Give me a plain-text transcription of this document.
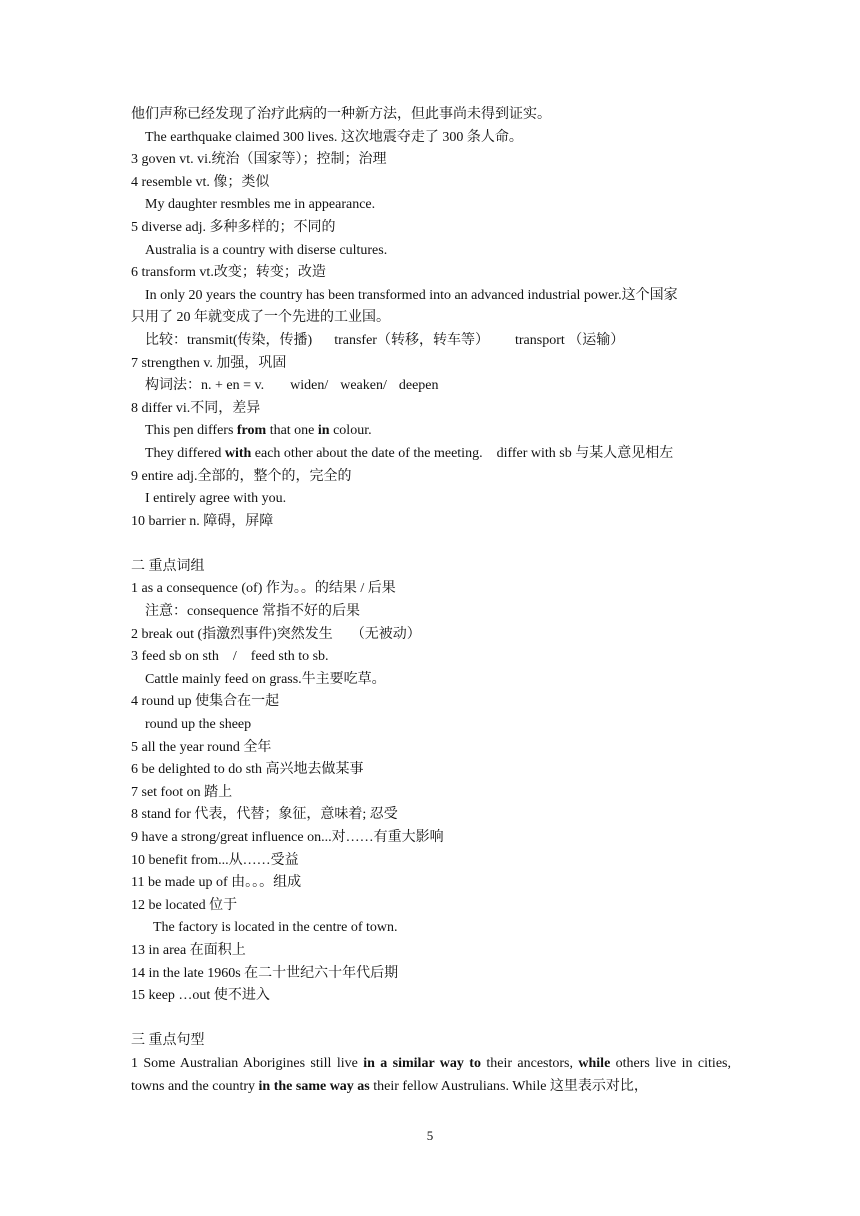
他们声称已经发现了治疗此病的一种新方法，但此事尚未得到证实。
The earthquake claimed 300 lives. 这次地震夺走了 300 条人命。
3 goven vt. vi.统治（国家等）；控制；治理
4 resemble vt. 像；类似
My daughter resmbles me in appearance.
5 diverse adj. 多种多样的；不同的
Australia is a country with diserse cultures.
6 transform vt.改变；转变；改造
In only 20 years the country has been transformed into an advanced industrial power.这个国家
只用了 20 年就变成了一个先进的工业国。
比较：transmit(传染，传播) transfer（转移，转车等） transport （运输）
7 strengthen v. 加强，巩固
构词法：n. + en = v. widen/ weaken/ deepen
8 differ vi.不同，差异
This pen differs from that one in colour.
They differed with each other about the date of the meeting. differ with sb 与某人意见相左
9 entire adj.全部的，整个的，完全的
I entirely agree with you.
10 barrier n. 障碍，屏障
二 重点词组
1 as a consequence (of) 作为。。的结果 / 后果
注意：consequence 常指不好的后果
2 break out (指激烈事件)突然发生 （无被动）
3 feed sb on sth / feed sth to sb.
Cattle mainly feed on grass.牛主要吃草。
4 round up 使集合在一起
round up the sheep
5 all the year round 全年
6 be delighted to do sth 高兴地去做某事
7 set foot on 踏上
8 stand for 代表，代替；象征，意味着; 忍受
9 have a strong/great influence on...对……有重大影响
10 benefit from...从……受益
11 be made up of 由。。。组成
12 be located 位于
The factory is located in the centre of town.
13 in area 在面积上
14 in the late 1960s 在二十世纪六十年代后期
15 keep …out 使不进入
三 重点句型
1 Some Australian Aborigines still live in a similar way to their ancestors, while others live in cities, towns and the country in the same way as their fellow Austrulians. While 这里表示对比，
5
